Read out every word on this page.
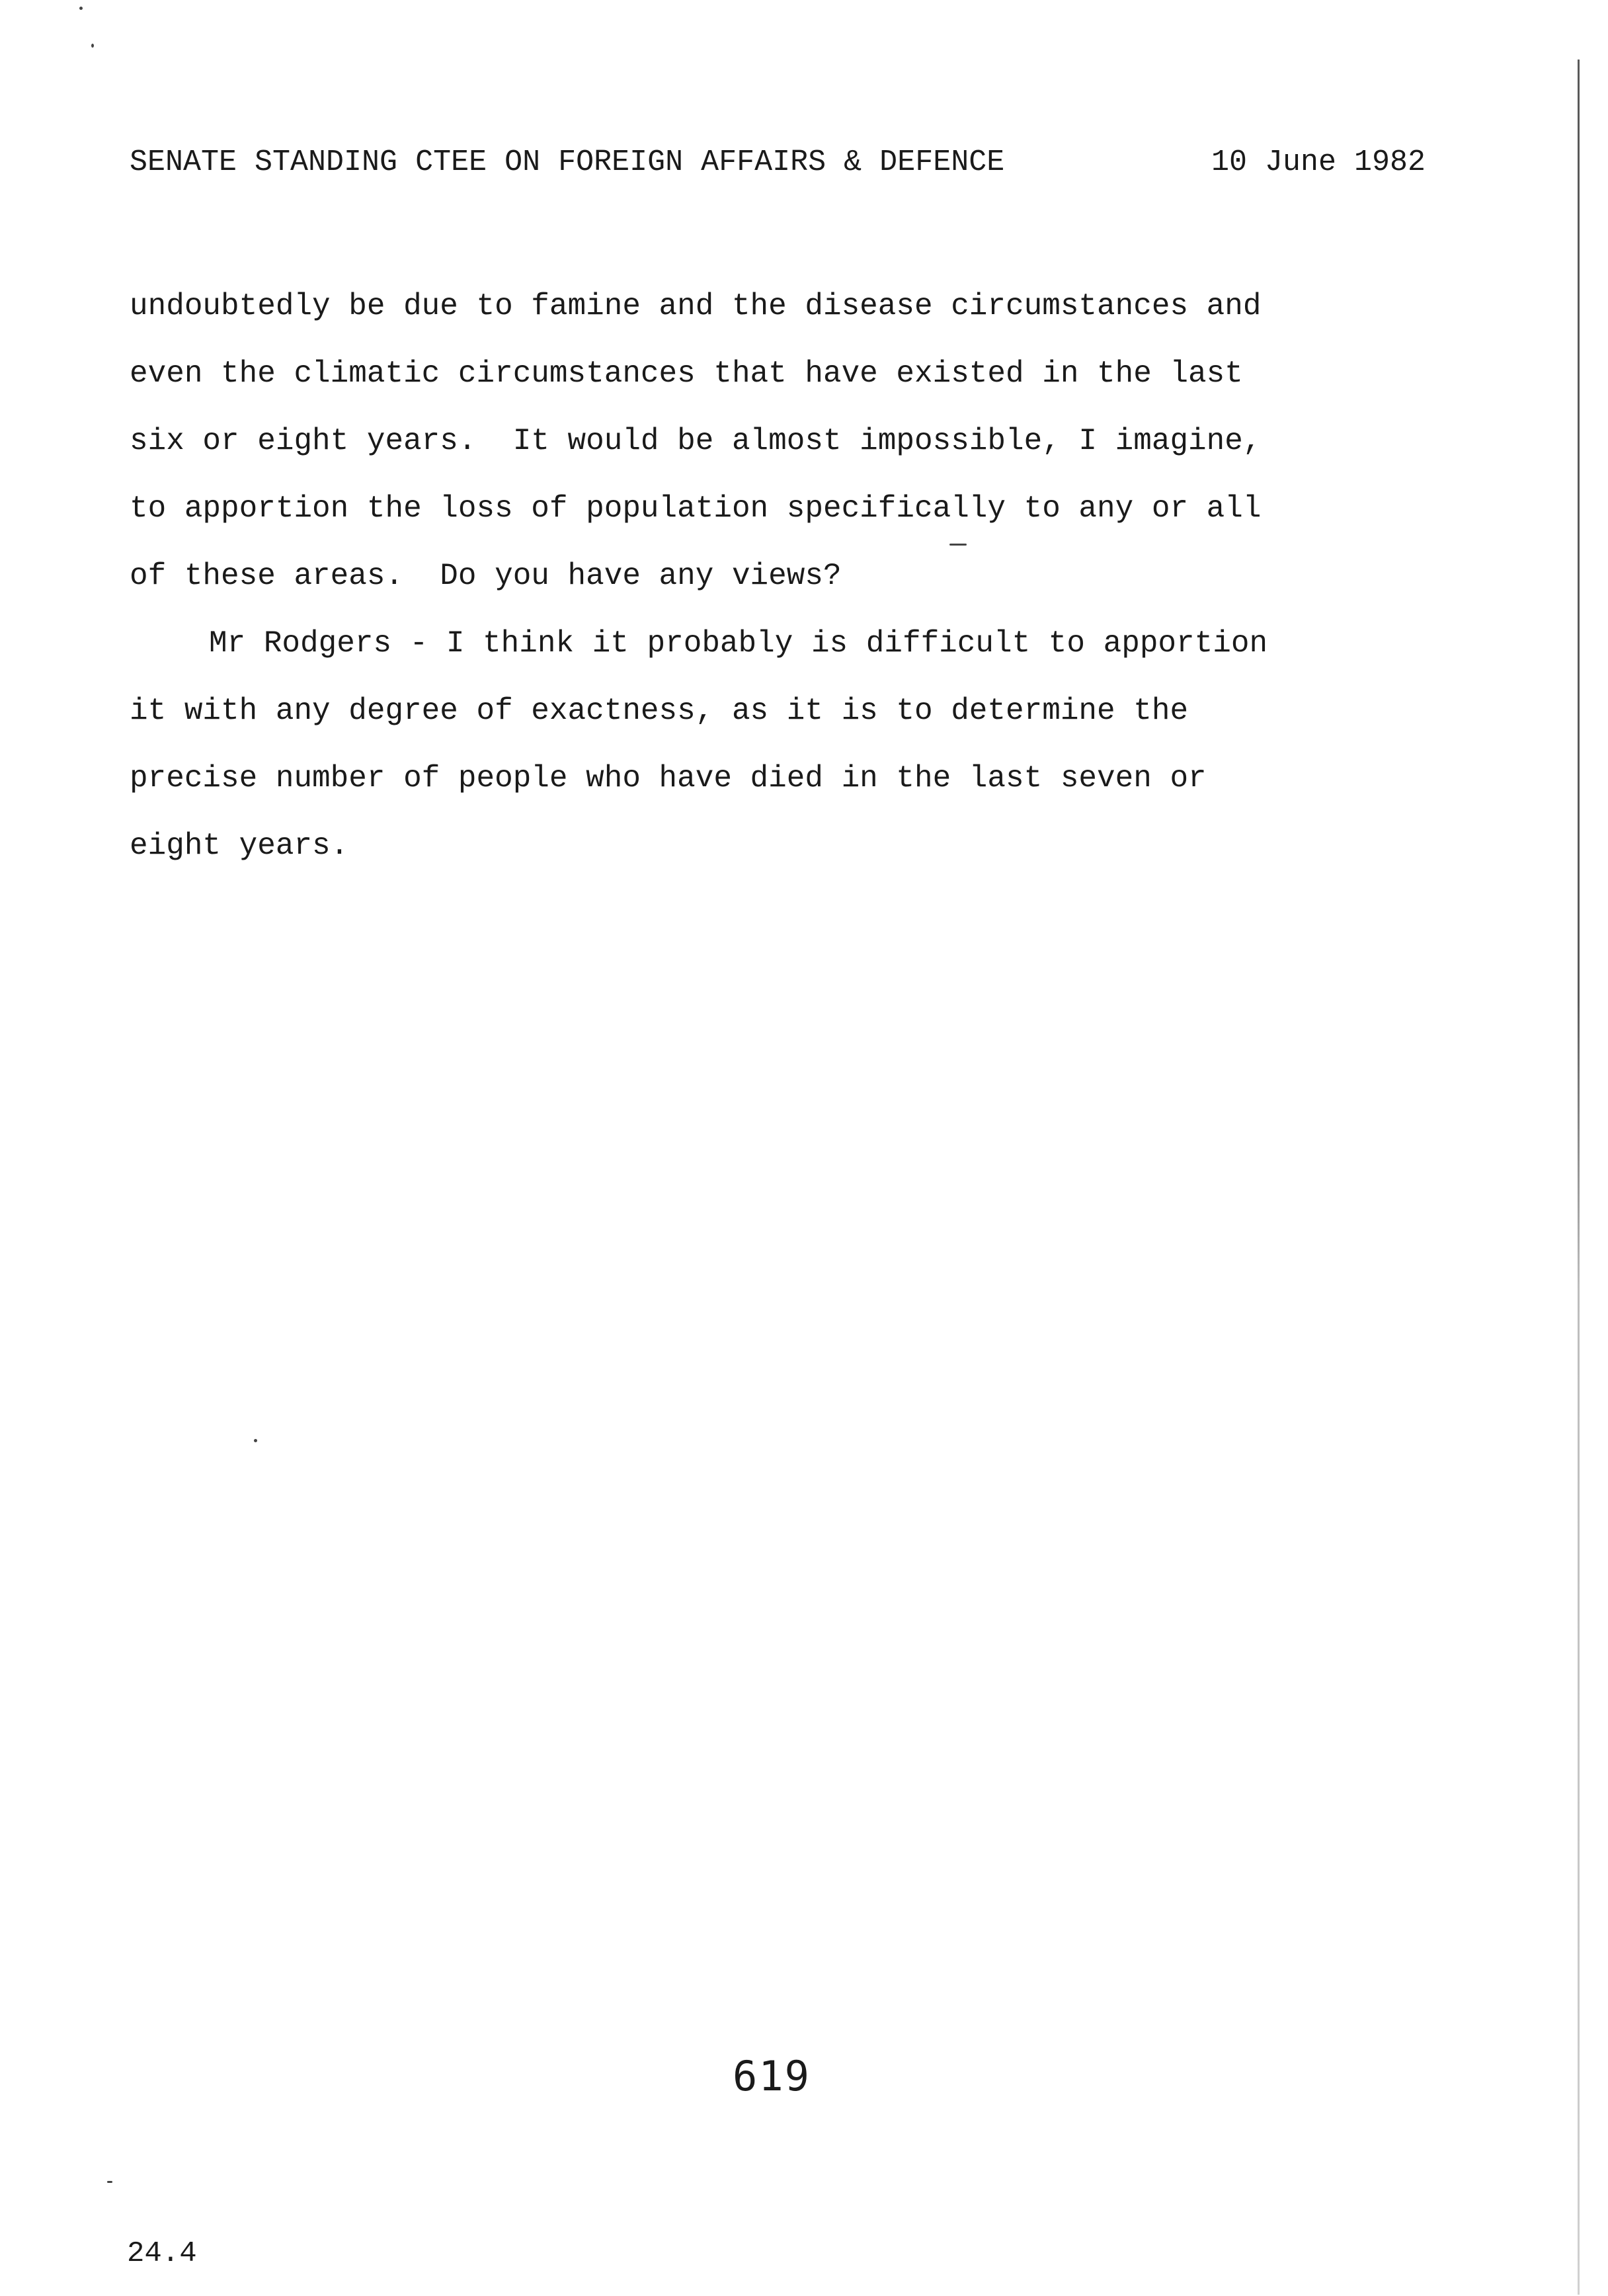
SENATE STANDING CTEE ON FOREIGN AFFAIRS & DEFENCE	10 June 1982
undoubtedly be due to famine and the disease circumstances and
even the climatic circumstances that have existed in the last
six or eight years.  It would be almost impossible, I imagine,
to apportion the loss of population specifically to any or all
of these areas.  Do you have any views?
Mr Rodgers - I think it probably is difficult to apportion
it with any degree of exactness, as it is to determine the
precise number of people who have died in the last seven or
eight years.
619
24.4
